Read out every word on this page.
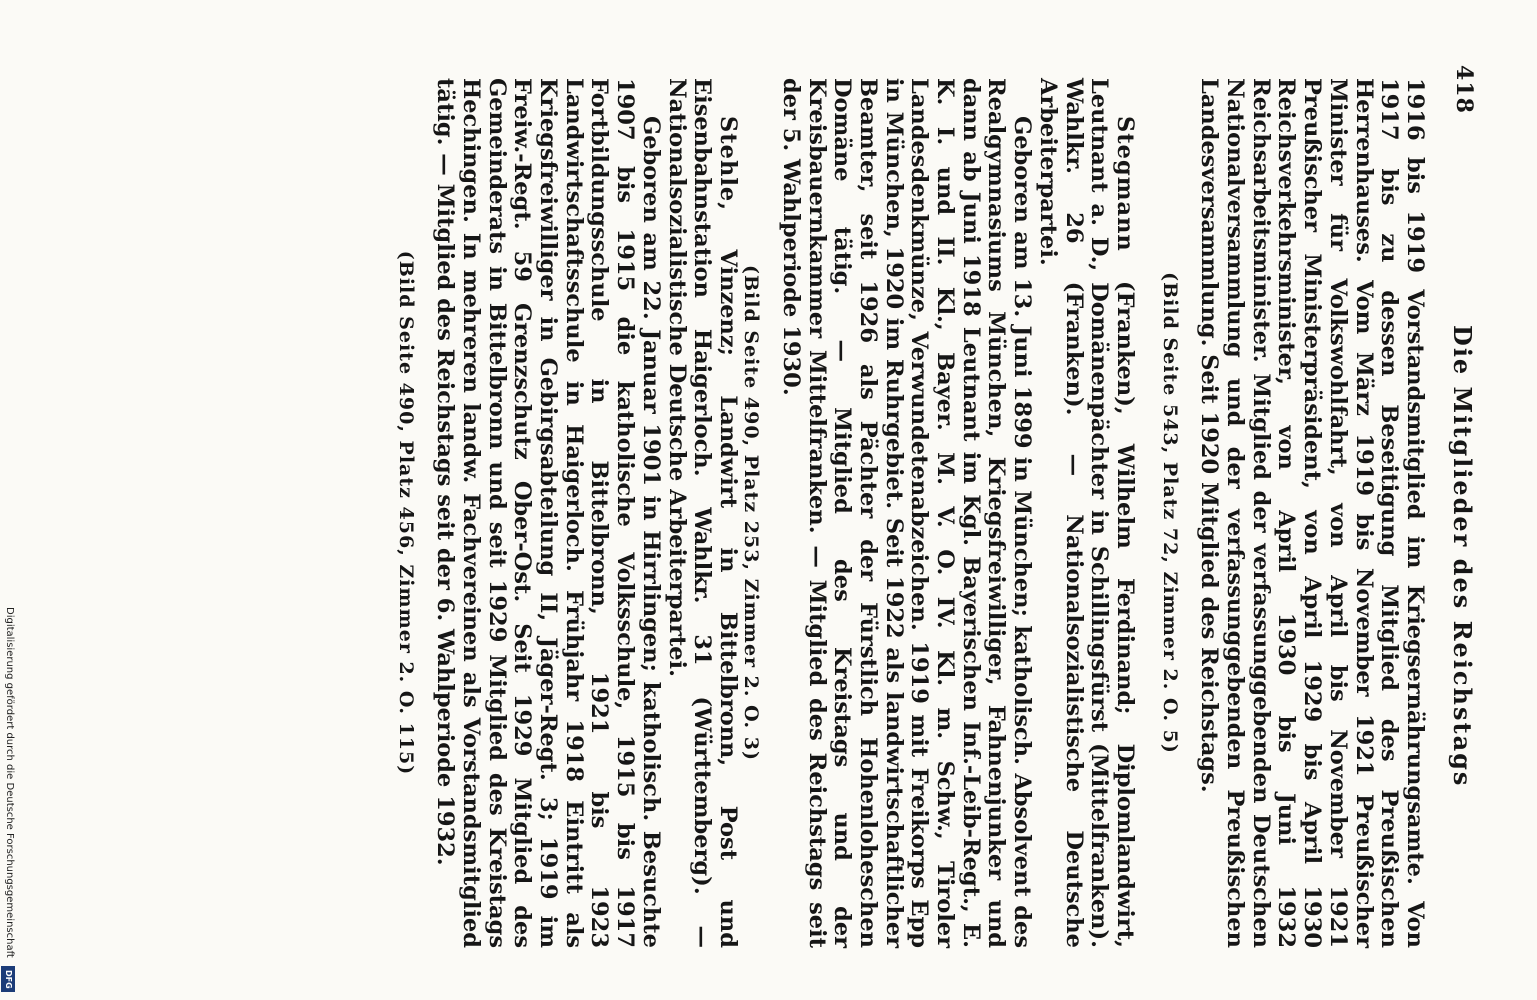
418
Die Mitglieder des Reichstags

1916 bis 1919 Vorstandsmitglied im Kriegsernährungsamte. Von 1917 bis zu dessen Beseitigung Mitglied des Preußischen Herrenhauses. Vom März 1919 bis November 1921 Preußischer Minister für Volkswohlfahrt, von April bis November 1921 Preußischer Ministerpräsident, von April 1929 bis April 1930 Reichsverkehrsminister, von April 1930 bis Juni 1932 Reichsarbeitsminister. Mitglied der verfassunggebenden Deutschen Nationalversammlung und der verfassunggebenden Preußischen Landesversammlung. Seit 1920 Mitglied des Reichstags.

(Bild Seite 543, Platz 72, Zimmer 2. O. 5)

Stegmann (Franken), Wilhelm Ferdinand; Diplomlandwirt, Leutnant a. D., Domänenpächter in Schillingsfürst (Mittelfranken). Wahlkr. 26 (Franken). — Nationalsozialistische Deutsche Arbeiterpartei.

Geboren am 13. Juni 1899 in München; katholisch. Absolvent des Realgymnasiums München, Kriegsfreiwilliger, Fahnenjunker und dann ab Juni 1918 Leutnant im Kgl. Bayerischen Inf.-Leib-Regt., E. K. I. und II. Kl., Bayer. M. V. O. IV. Kl. m. Schw., Tiroler Landesdenkmünze, Verwundetenabzeichen. 1919 mit Freikorps Epp in München, 1920 im Ruhrgebiet. Seit 1922 als landwirtschaftlicher Beamter, seit 1926 als Pächter der Fürstlich Hohenloheschen Domäne tätig. — Mitglied des Kreistags und der Kreisbauernkammer Mittelfranken. — Mitglied des Reichstags seit der 5. Wahlperiode 1930.

(Bild Seite 490, Platz 253, Zimmer 2. O. 3)

Stehle, Vinzenz; Landwirt in Bittelbronn, Post und Eisenbahnstation Haigerloch. Wahlkr. 31 (Württemberg). — Nationalsozialistische Deutsche Arbeiterpartei.

Geboren am 22. Januar 1901 in Hirrlingen; katholisch. Besuchte 1907 bis 1915 die katholische Volksschule, 1915 bis 1917 Fortbildungsschule in Bittelbronn, 1921 bis 1923 Landwirtschaftsschule in Haigerloch. Frühjahr 1918 Eintritt als Kriegsfreiwilliger in Gebirgsabteilung II, Jäger-Regt. 3; 1919 im Freiw.-Regt. 59 Grenzschutz Ober-Ost. Seit 1929 Mitglied des Gemeinderats in Bittelbronn und seit 1929 Mitglied des Kreistags Hechingen. In mehreren landw. Fachvereinen als Vorstandsmitglied tätig. — Mitglied des Reichstags seit der 6. Wahlperiode 1932.

(Bild Seite 490, Platz 456, Zimmer 2. O. 115)

Digitalisierung gefördert durch die Deutsche Forschungsgemeinschaft
DFG
